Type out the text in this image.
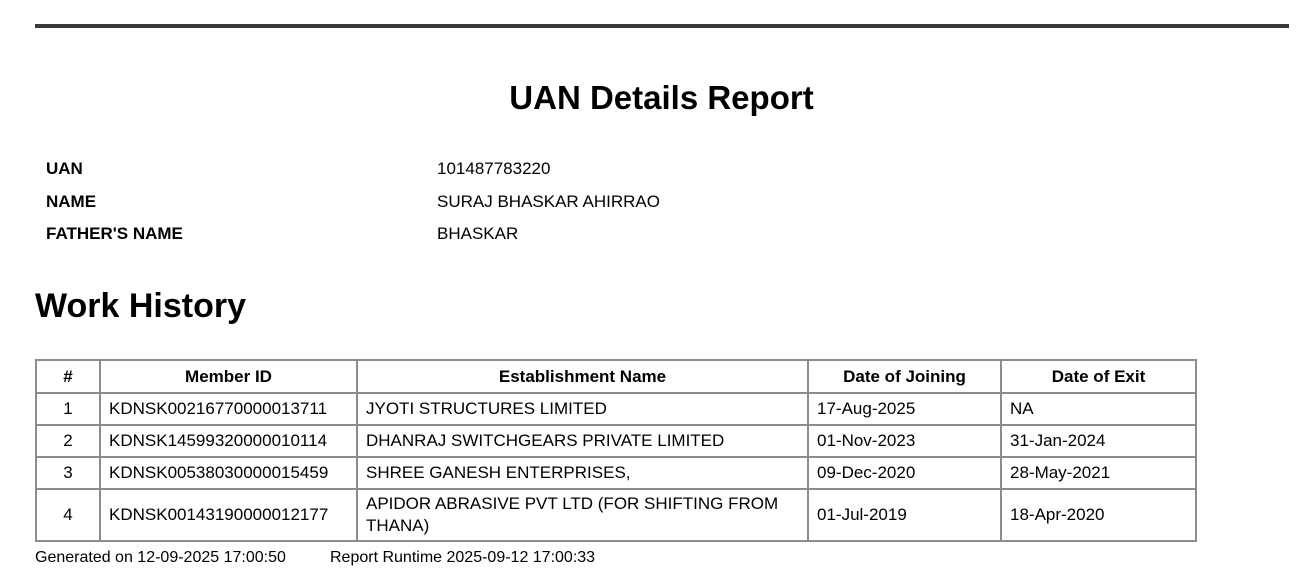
UAN Details Report
UAN	101487783220
NAME	SURAJ BHASKAR AHIRRAO
FATHER'S NAME	BHASKAR
Work History
#	Member ID	Establishment Name	Date of Joining	Date of Exit
1	KDNSK00216770000013711	JYOTI STRUCTURES LIMITED	17-Aug-2025	NA
2	KDNSK14599320000010114	DHANRAJ SWITCHGEARS PRIVATE LIMITED	01-Nov-2023	31-Jan-2024
3	KDNSK00538030000015459	SHREE GANESH ENTERPRISES,	09-Dec-2020	28-May-2021
4	KDNSK00143190000012177	APIDOR ABRASIVE PVT LTD (FOR SHIFTING FROM THANA)	01-Jul-2019	18-Apr-2020
Generated on 12-09-2025 17:00:50	Report Runtime 2025-09-12 17:00:33
